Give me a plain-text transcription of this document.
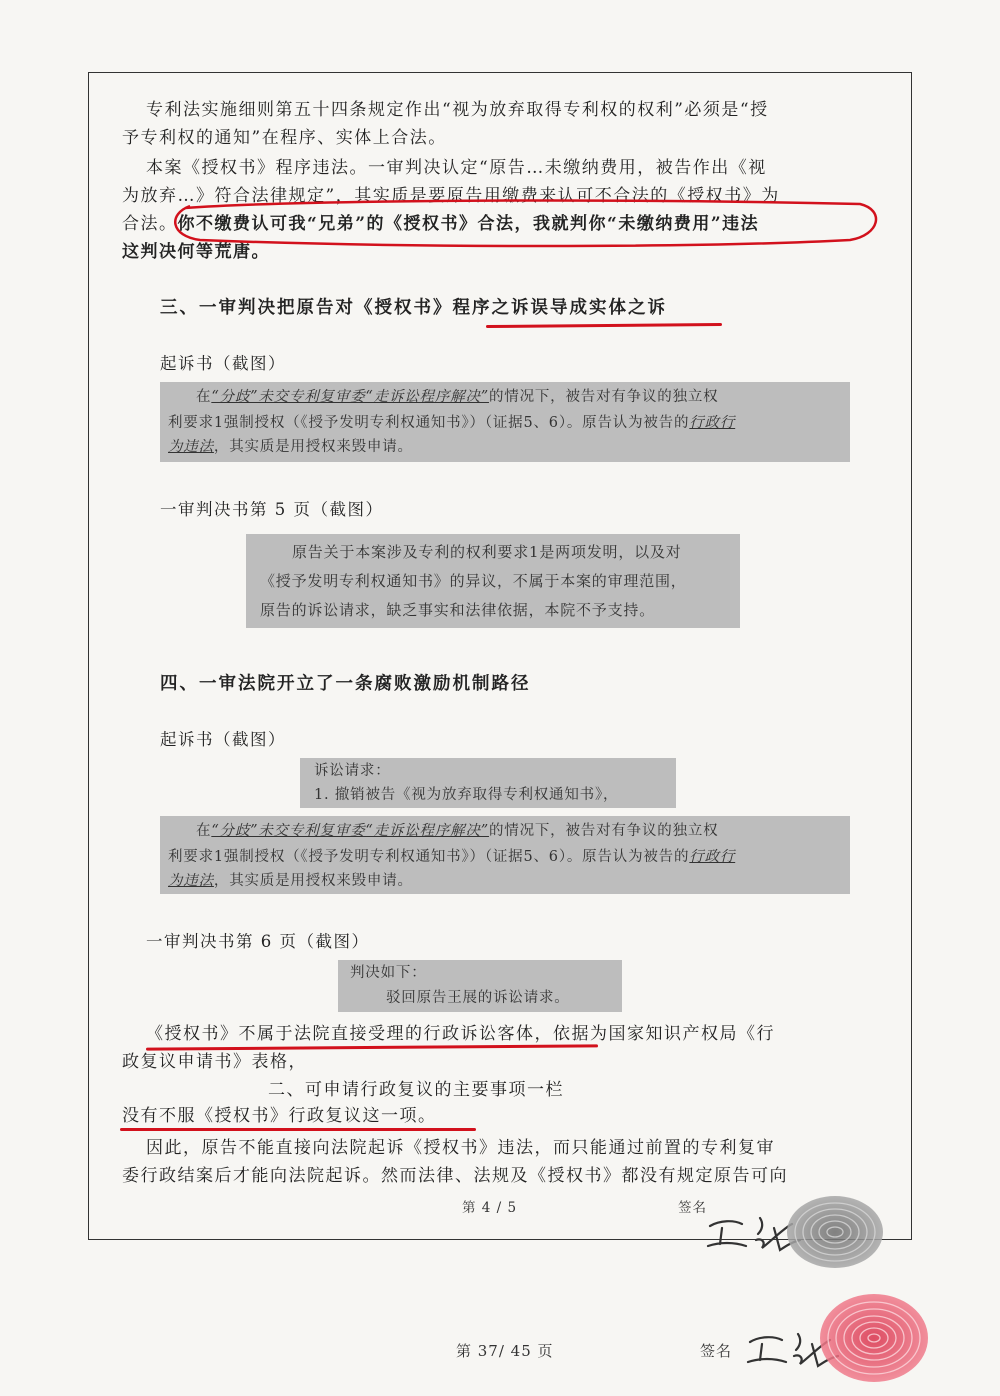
专利法实施细则第五十四条规定作出“视为放弃取得专利权的权利”必须是“授
予专利权的通知”在程序、实体上合法。
本案《授权书》程序违法。一审判决认定“原告…未缴纳费用，被告作出《视
为放弃…》符合法律规定”，其实质是要原告用缴费来认可不合法的《授权书》为
合法。你不缴费认可我“兄弟”的《授权书》合法，我就判你“未缴纳费用”违法
这判决何等荒唐。
三、一审判决把原告对《授权书》程序之诉误导成实体之诉
起诉书（截图）
在“分歧”未交专利复审委“走诉讼程序解决”的情况下，被告对有争议的独立权
利要求1强制授权（《授予发明专利权通知书》）（证据5、6）。原告认为被告的行政行
为违法，其实质是用授权来毁申请。
一审判决书第 5 页（截图）
原告关于本案涉及专利的权利要求1是两项发明，以及对
《授予发明专利权通知书》的异议，不属于本案的审理范围，
原告的诉讼请求，缺乏事实和法律依据，本院不予支持。
四、一审法院开立了一条腐败激励机制路径
起诉书（截图）
诉讼请求：
1. 撤销被告《视为放弃取得专利权通知书》，
在“分歧”未交专利复审委“走诉讼程序解决”的情况下，被告对有争议的独立权
利要求1强制授权（《授予发明专利权通知书》）（证据5、6）。原告认为被告的行政行
为违法，其实质是用授权来毁申请。
一审判决书第 6 页（截图）
判决如下：
驳回原告王展的诉讼请求。
《授权书》不属于法院直接受理的行政诉讼客体，依据为国家知识产权局《行
政复议申请书》表格，
二、可申请行政复议的主要事项一栏
没有不服《授权书》行政复议这一项。
因此，原告不能直接向法院起诉《授权书》违法，而只能通过前置的专利复审
委行政结案后才能向法院起诉。然而法律、法规及《授权书》都没有规定原告可向
第 4 / 5	签名
第 37/ 45 页	签名
